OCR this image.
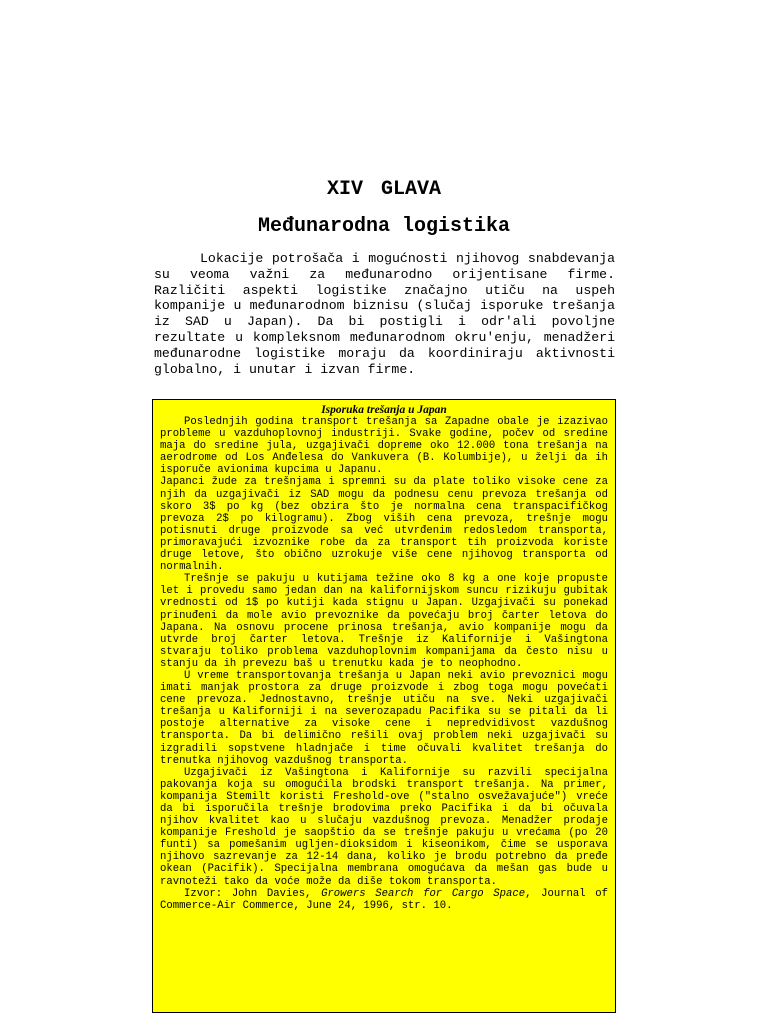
XIV GLAVA
Međunarodna logistika

Lokacije potrošača i mogućnosti njihovog snabdevanja su veoma važni za međunarodno orijentisane firme. Različiti aspekti logistike značajno utiču na uspeh kompanije u međunarodnom biznisu (slučaj isporuke trešanja iz SAD u Japan). Da bi postigli i odr'ali povoljne rezultate u kompleksnom međunarodnom okru'enju, menadžeri međunarodne logistike moraju da koordiniraju aktivnosti globalno, i unutar i izvan firme.

Isporuka trešanja u Japan

Poslednjih godina transport trešanja sa Zapadne obale je izazivao probleme u vazduhoplovnoj industriji. Svake godine, počev od sredine maja do sredine jula, uzgajivači dopreme oko 12.000 tona trešanja na aerodrome od Los Anđelesa do Vankuvera (B. Kolumbije), u želji da ih isporuče avionima kupcima u Japanu.

Japanci žude za trešnjama i spremni su da plate toliko visoke cene za njih da uzgajivači iz SAD mogu da podnesu cenu prevoza trešanja od skoro 3$ po kg (bez obzira što je normalna cena transpacifičkog prevoza 2$ po kilogramu). Zbog viših cena prevoza, trešnje mogu potisnuti druge proizvode sa već utvrđenim redosledom transporta, primoravajući izvoznike robe da za transport tih proizvoda koriste druge letove, što obično uzrokuje više cene njihovog transporta od normalnih.

Trešnje se pakuju u kutijama težine oko 8 kg a one koje propuste let i provedu samo jedan dan na kalifornijskom suncu rizikuju gubitak vrednosti od 1$ po kutiji kada stignu u Japan. Uzgajivači su ponekad prinuđeni da mole avio prevoznike da povećaju broj čarter letova do Japana. Na osnovu procene prinosa trešanja, avio kompanije mogu da utvrde broj čarter letova. Trešnje iz Kalifornije i Vašingtona stvaraju toliko problema vazduhoplovnim kompanijama da često nisu u stanju da ih prevezu baš u trenutku kada je to neophodno.

U vreme transportovanja trešanja u Japan neki avio prevoznici mogu imati manjak prostora za druge proizvode i zbog toga mogu povećati cene prevoza. Jednostavno, trešnje utiču na sve. Neki uzgajivači trešanja u Kaliforniji i na severozapadu Pacifika su se pitali da li postoje alternative za visoke cene i nepredvidivost vazdušnog transporta. Da bi delimično rešili ovaj problem neki uzgajivači su izgradili sopstvene hladnjače i time očuvali kvalitet trešanja do trenutka njihovog vazdušnog transporta.

Uzgajivači iz Vašingtona i Kalifornije su razvili specijalna pakovanja koja su omogućila brodski transport trešanja. Na primer, kompanija Stemilt koristi Freshold-ove ("stalno osvežavajuće") vreće da bi isporučila trešnje brodovima preko Pacifika i da bi očuvala njihov kvalitet kao u slučaju vazdušnog prevoza. Menadžer prodaje kompanije Freshold je saopštio da se trešnje pakuju u vrećama (po 20 funti) sa pomešanim ugljen-dioksidom i kiseonikom, čime se usporava njihovo sazrevanje za 12-14 dana, koliko je brodu potrebno da pređe okean (Pacifik). Specijalna membrana omogućava da mešan gas bude u ravnoteži tako da voće može da diše tokom transporta.

Izvor: John Davies, Growers Search for Cargo Space, Journal of Commerce-Air Commerce, June 24, 1996, str. 10.
